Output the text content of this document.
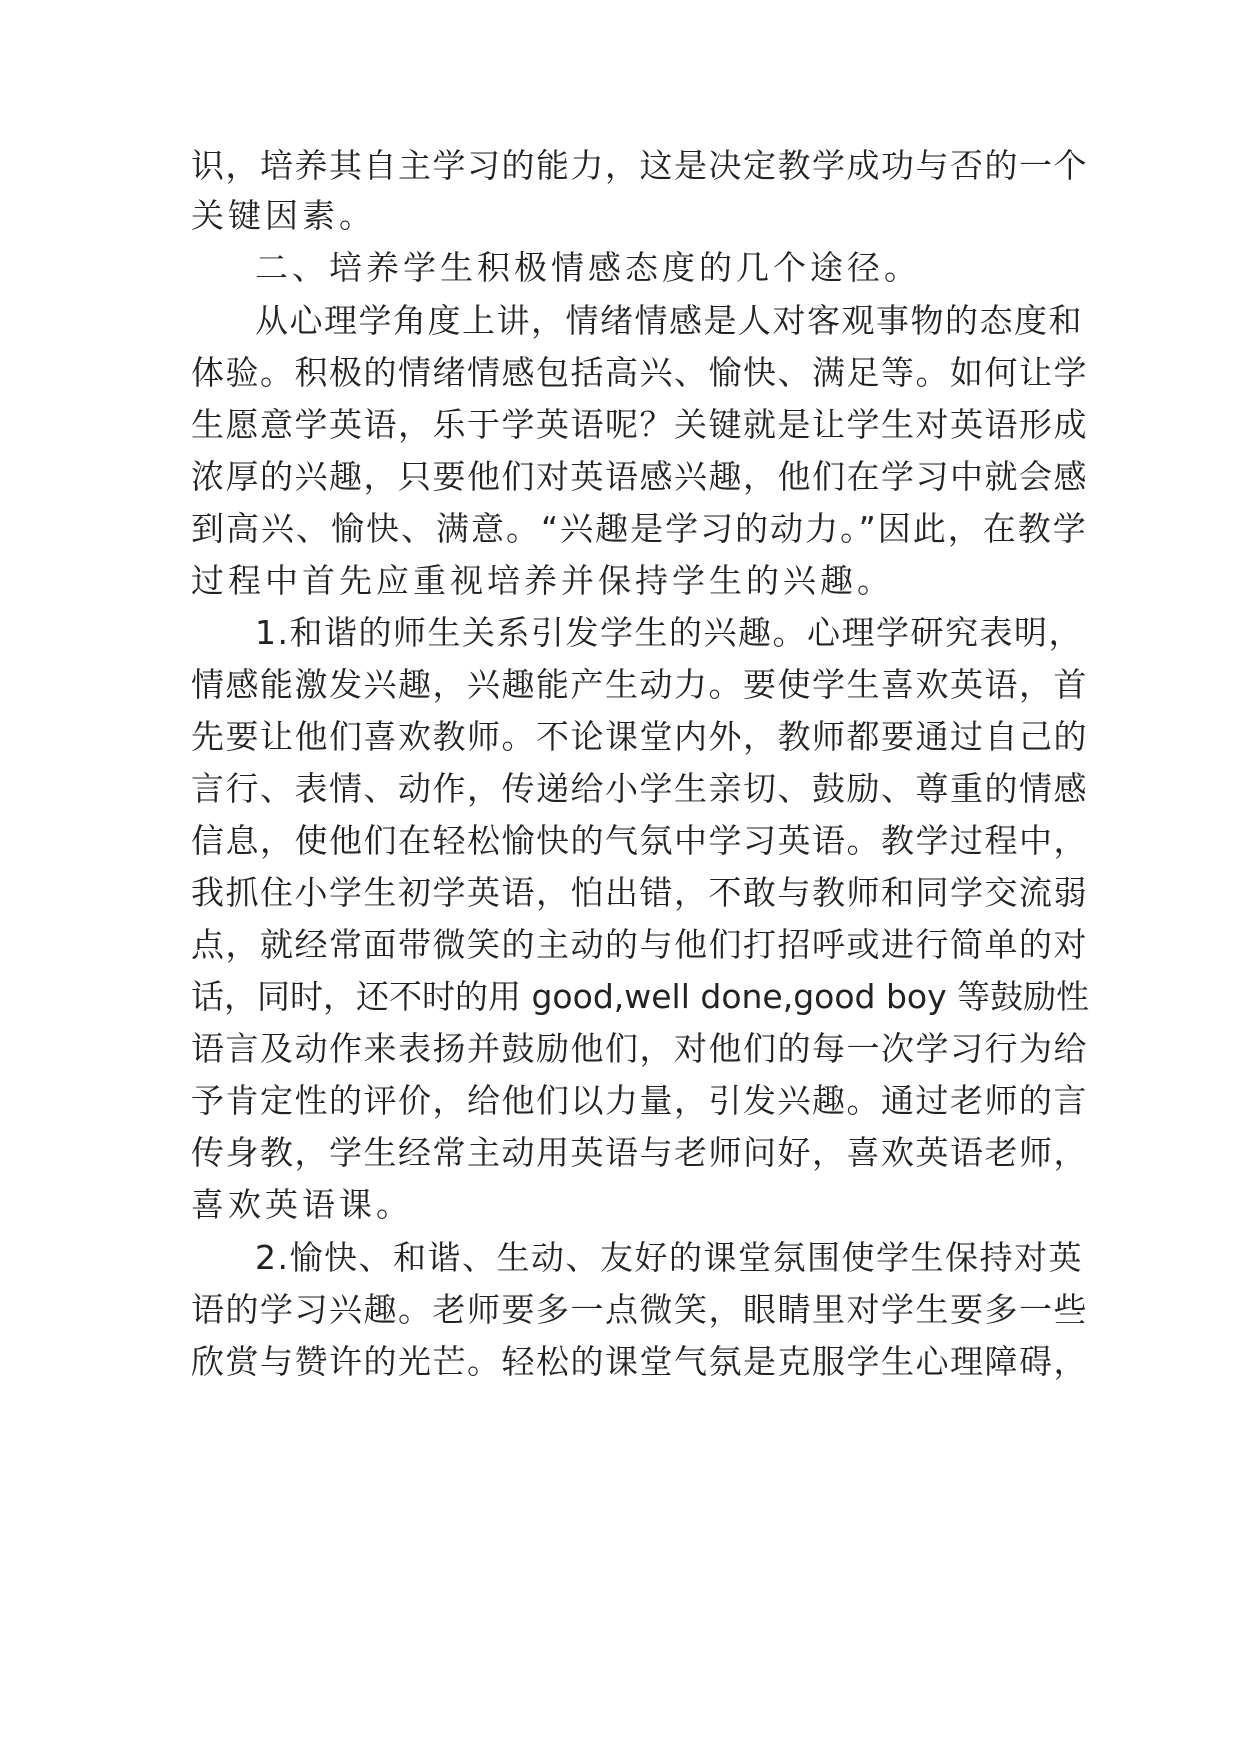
识，培养其自主学习的能力，这是决定教学成功与否的一个

关键因素。

二、培养学生积极情感态度的几个途径。

从心理学角度上讲，情绪情感是人对客观事物的态度和

体验。积极的情绪情感包括高兴、愉快、满足等。如何让学

生愿意学英语，乐于学英语呢？关键就是让学生对英语形成

浓厚的兴趣，只要他们对英语感兴趣，他们在学习中就会感

到高兴、愉快、满意。“兴趣是学习的动力。”因此，在教学

过程中首先应重视培养并保持学生的兴趣。

1.和谐的师生关系引发学生的兴趣。心理学研究表明，

情感能激发兴趣，兴趣能产生动力。要使学生喜欢英语，首

先要让他们喜欢教师。不论课堂内外，教师都要通过自己的

言行、表情、动作，传递给小学生亲切、鼓励、尊重的情感

信息，使他们在轻松愉快的气氛中学习英语。教学过程中，

我抓住小学生初学英语，怕出错，不敢与教师和同学交流弱

点，就经常面带微笑的主动的与他们打招呼或进行简单的对

话，同时，还不时的用 good,well done,good boy 等鼓励性

语言及动作来表扬并鼓励他们，对他们的每一次学习行为给

予肯定性的评价，给他们以力量，引发兴趣。通过老师的言

传身教，学生经常主动用英语与老师问好，喜欢英语老师，

喜欢英语课。

2.愉快、和谐、生动、友好的课堂氛围使学生保持对英

语的学习兴趣。老师要多一点微笑，眼睛里对学生要多一些

欣赏与赞许的光芒。轻松的课堂气氛是克服学生心理障碍，
